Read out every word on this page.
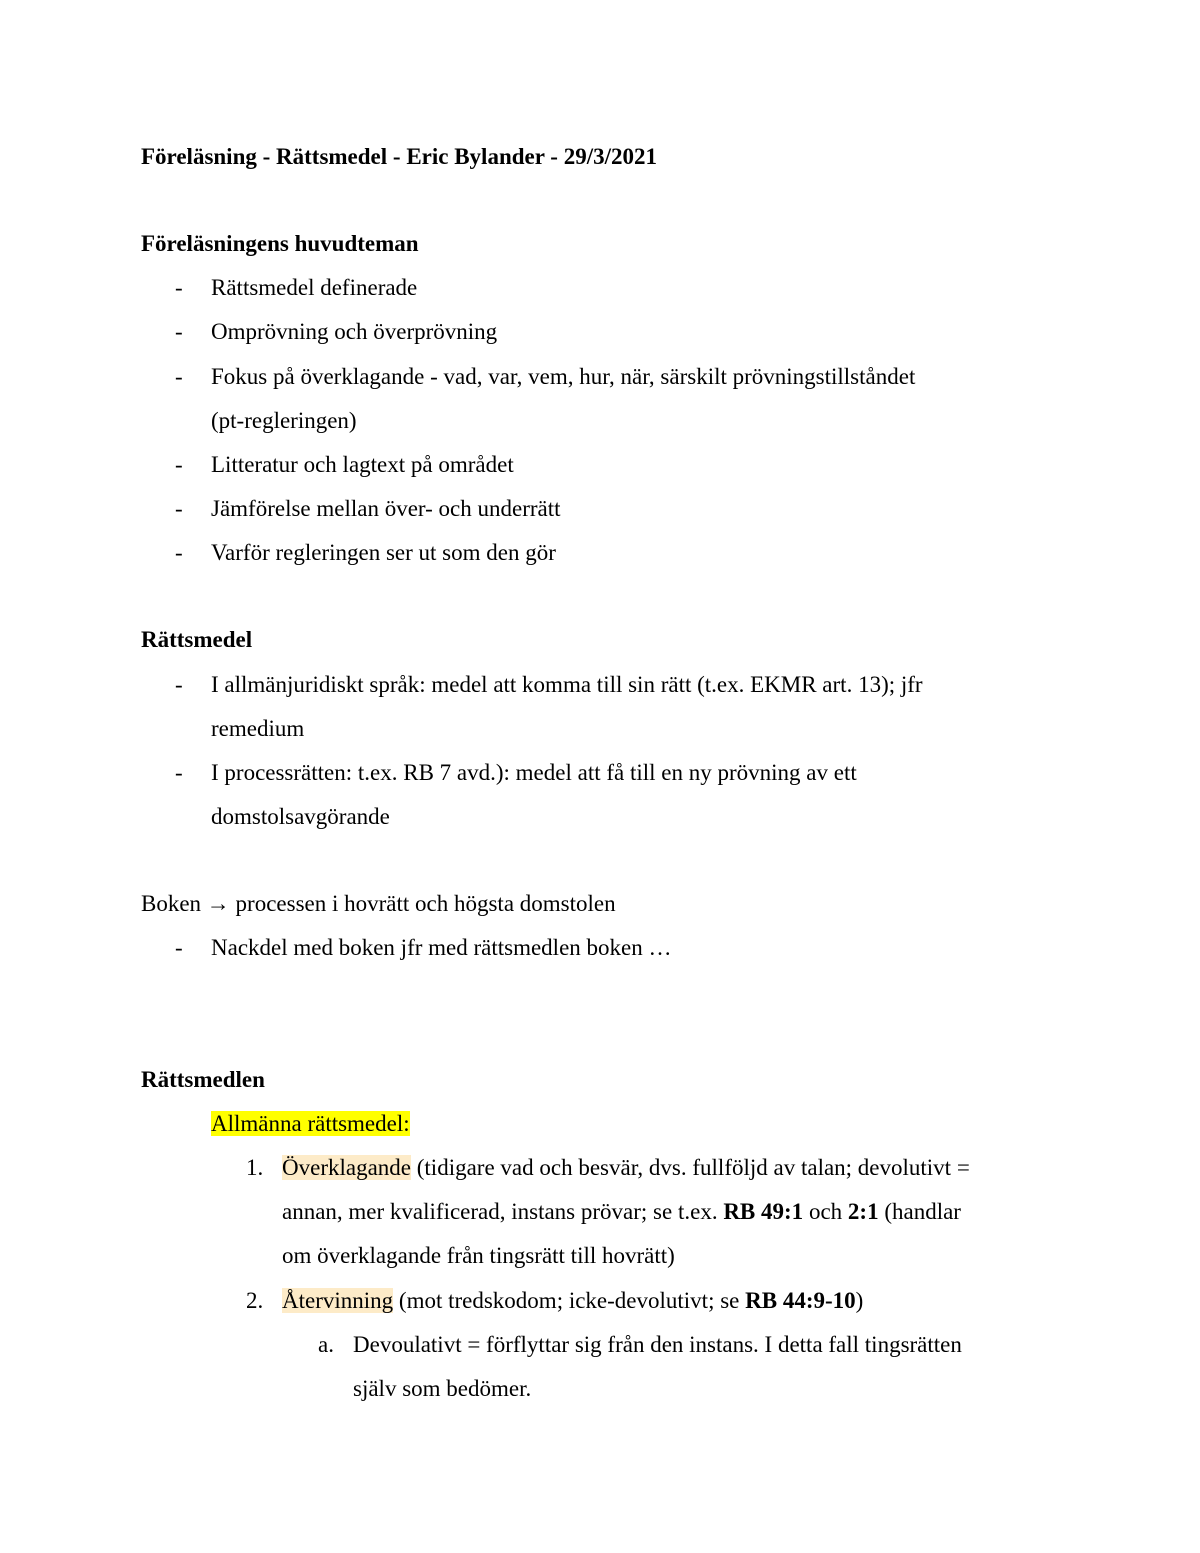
Föreläsning - Rättsmedel - Eric Bylander - 29/3/2021
Föreläsningens huvudteman
- Rättsmedel definerade
- Omprövning och överprövning
- Fokus på överklagande - vad, var, vem, hur, när, särskilt prövningstillståndet
(pt-regleringen)
- Litteratur och lagtext på området
- Jämförelse mellan över- och underrätt
- Varför regleringen ser ut som den gör
Rättsmedel
- I allmänjuridiskt språk: medel att komma till sin rätt (t.ex. EKMR art. 13); jfr
remedium
- I processrätten: t.ex. RB 7 avd.): medel att få till en ny prövning av ett
domstolsavgörande
Boken → processen i hovrätt och högsta domstolen
- Nackdel med boken jfr med rättsmedlen boken …
Rättsmedlen
Allmänna rättsmedel:
1. Överklagande (tidigare vad och besvär, dvs. fullföljd av talan; devolutivt =
annan, mer kvalificerad, instans prövar; se t.ex. RB 49:1 och 2:1 (handlar
om överklagande från tingsrätt till hovrätt)
2. Återvinning (mot tredskodom; icke-devolutivt; se RB 44:9-10)
a. Devoulativt = förflyttar sig från den instans. I detta fall tingsrätten
själv som bedömer.
